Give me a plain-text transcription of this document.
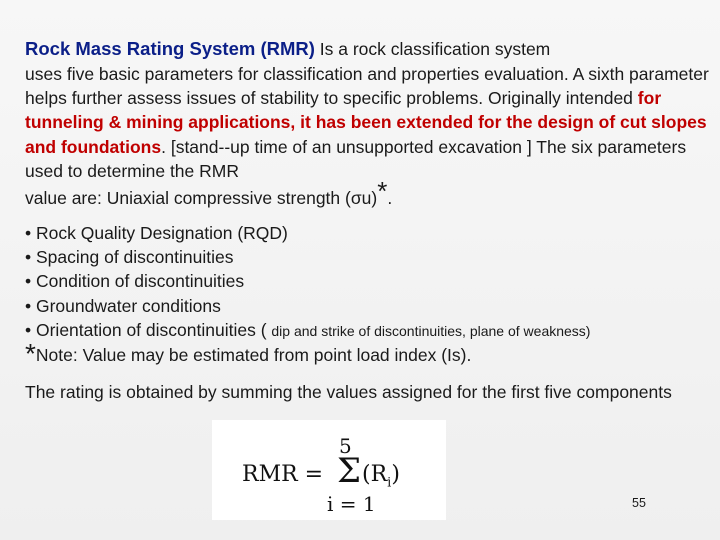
Rock Mass Rating System (RMR) Is a rock classification system
uses five basic parameters for classification and properties evaluation. A sixth parameter helps further assess issues of stability to specific problems. Originally intended for tunneling & mining applications, it has been extended for the design of cut slopes and foundations. [stand--up time of an unsupported excavation ] The six parameters used to determine the RMR
value are: Uniaxial compressive strength (σu)*.
• Rock Quality Designation (RQD)
• Spacing of discontinuities
• Condition of discontinuities
• Groundwater conditions
• Orientation of discontinuities ( dip and strike of discontinuities, plane of weakness)
*Note: Value may be estimated from point load index (Is).
The rating is obtained by summing the values assigned for the first five components
RMR =
5
Σ
i = 1
$(R_i)$
55
